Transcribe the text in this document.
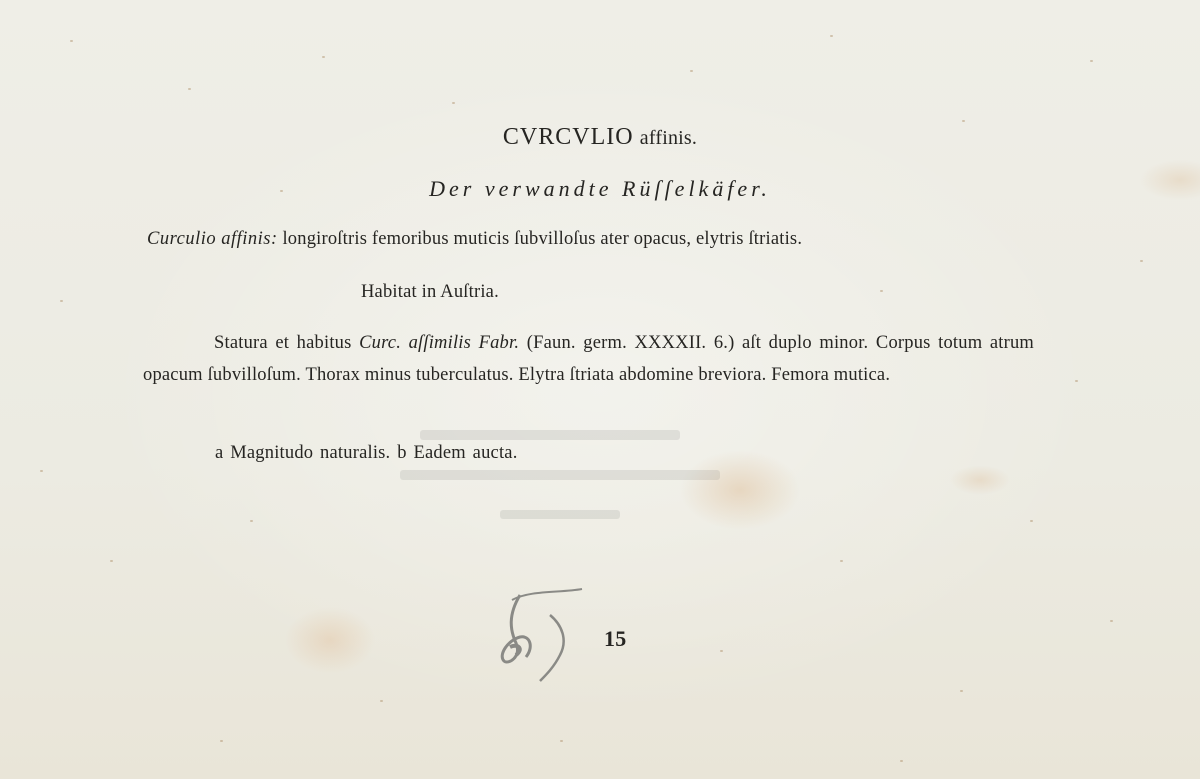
CVRCVLIO affinis.
Der verwandte Rüſſelkäfer.
Curculio affinis: longiroſtris femoribus muticis ſubvilloſus ater opacus, elytris ſtriatis.
Habitat in Auſtria.
Statura et habitus Curc. aſſimilis Fabr. (Faun. germ. XXXXII. 6.) aſt duplo minor. Corpus totum atrum opacum ſubvilloſum. Thorax minus tuberculatus. Elytra ſtriata abdomine breviora. Femora mutica.
a Magnitudo naturalis. b Eadem aucta.
15
